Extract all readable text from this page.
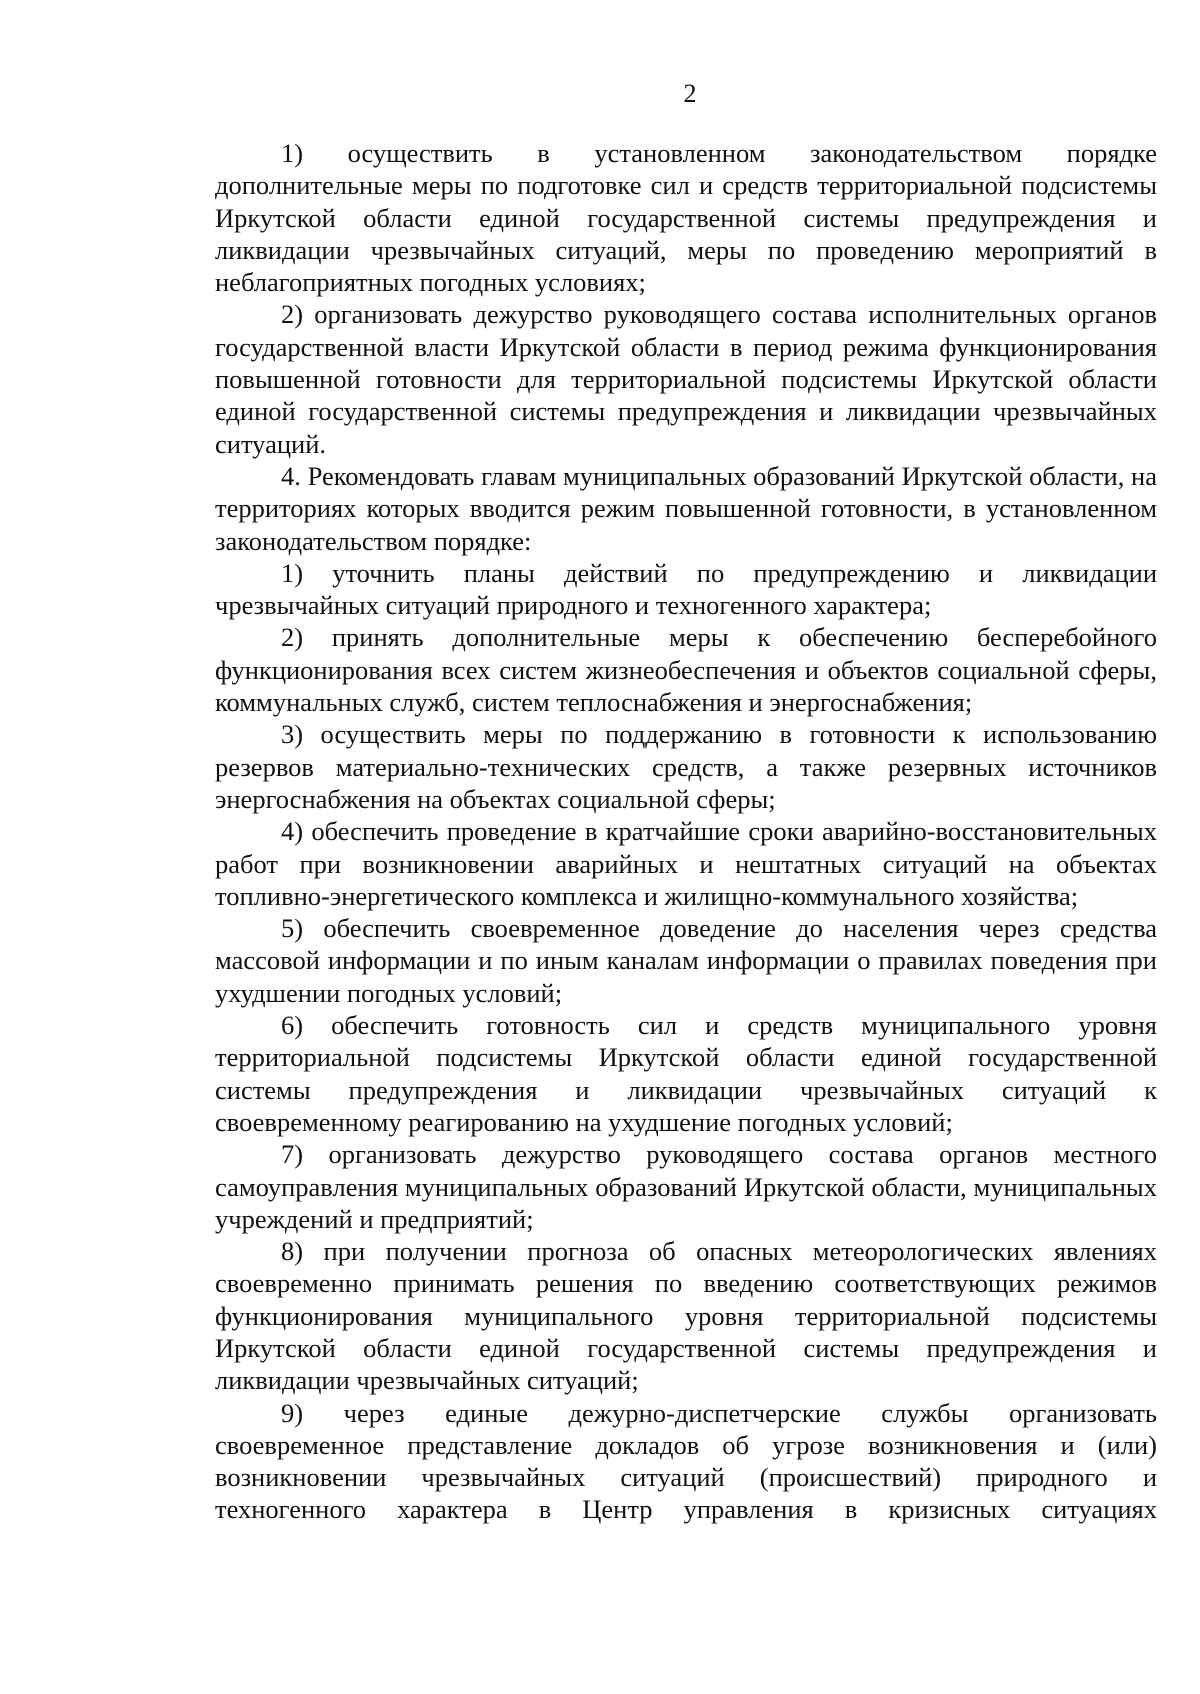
2

1) осуществить в установленном законодательством порядке дополнительные меры по подготовке сил и средств территориальной подсистемы Иркутской области единой государственной системы предупреждения и ликвидации чрезвычайных ситуаций, меры по проведению мероприятий в неблагоприятных погодных условиях;

2) организовать дежурство руководящего состава исполнительных органов государственной власти Иркутской области в период режима функционирования повышенной готовности для территориальной подсистемы Иркутской области единой государственной системы предупреждения и ликвидации чрезвычайных ситуаций.

4. Рекомендовать главам муниципальных образований Иркутской области, на территориях которых вводится режим повышенной готовности, в установленном законодательством порядке:

1) уточнить планы действий по предупреждению и ликвидации чрезвычайных ситуаций природного и техногенного характера;

2) принять дополнительные меры к обеспечению бесперебойного функционирования всех систем жизнеобеспечения и объектов социальной сферы, коммунальных служб, систем теплоснабжения и энергоснабжения;

3) осуществить меры по поддержанию в готовности к использованию резервов материально-технических средств, а также резервных источников энергоснабжения на объектах социальной сферы;

4) обеспечить проведение в кратчайшие сроки аварийно-восстановительных работ при возникновении аварийных и нештатных ситуаций на объектах топливно-энергетического комплекса и жилищно-коммунального хозяйства;

5) обеспечить своевременное доведение до населения через средства массовой информации и по иным каналам информации о правилах поведения при ухудшении погодных условий;

6) обеспечить готовность сил и средств муниципального уровня территориальной подсистемы Иркутской области единой государственной системы предупреждения и ликвидации чрезвычайных ситуаций к своевременному реагированию на ухудшение погодных условий;

7) организовать дежурство руководящего состава органов местного самоуправления муниципальных образований Иркутской области, муниципальных учреждений и предприятий;

8) при получении прогноза об опасных метеорологических явлениях своевременно принимать решения по введению соответствующих режимов функционирования муниципального уровня территориальной подсистемы Иркутской области единой государственной системы предупреждения и ликвидации чрезвычайных ситуаций;

9) через единые дежурно-диспетчерские службы организовать своевременное представление докладов об угрозе возникновения и (или) возникновении чрезвычайных ситуаций (происшествий) природного и техногенного характера в Центр управления в кризисных ситуациях
